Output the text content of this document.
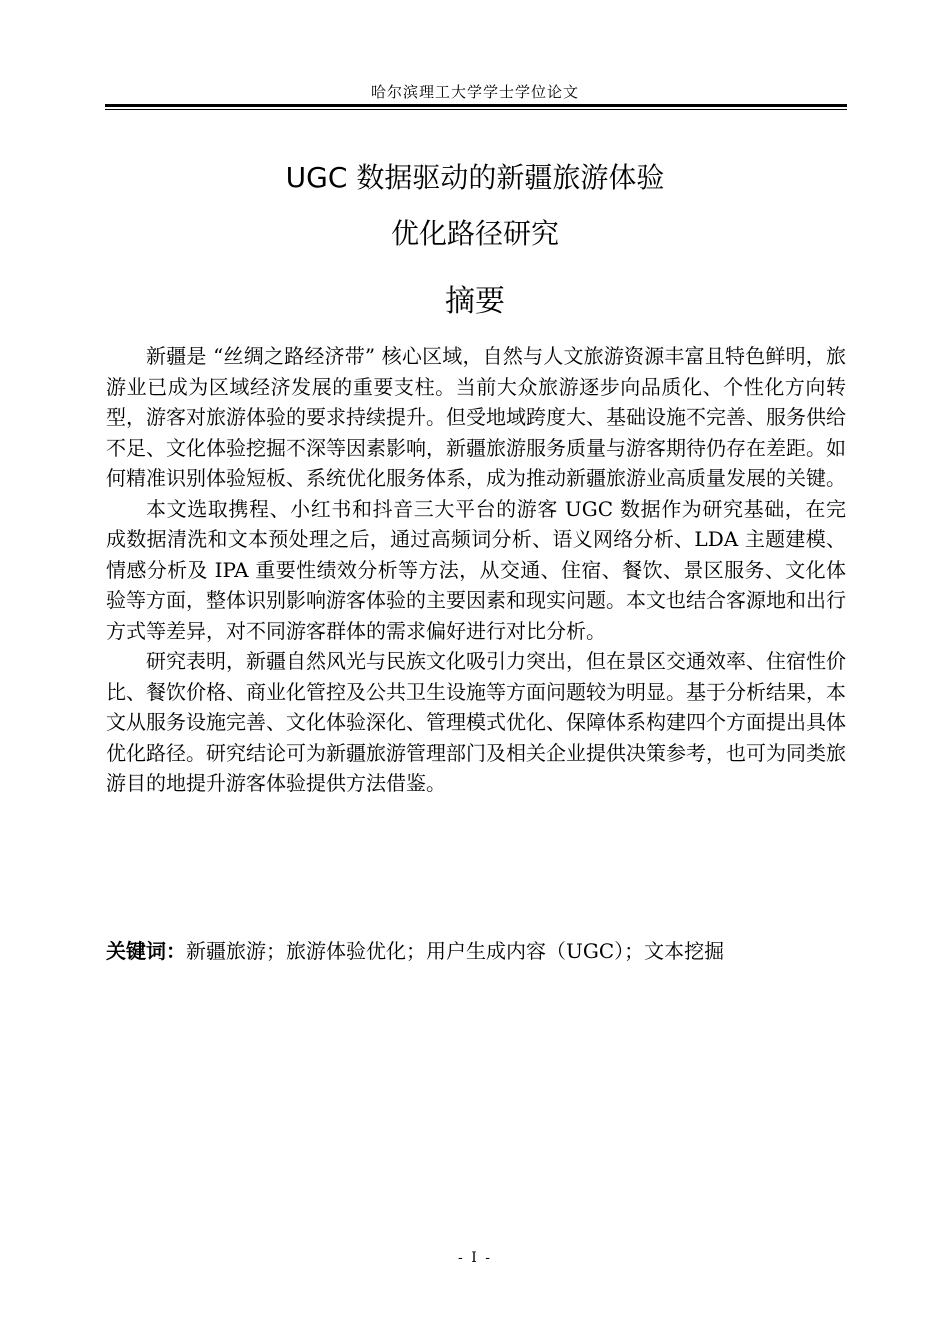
哈尔滨理工大学学士学位论文
UGC 数据驱动的新疆旅游体验
优化路径研究
摘要

新疆是 “丝绸之路经济带” 核心区域，自然与人文旅游资源丰富且特色鲜明，旅游业已成为区域经济发展的重要支柱。当前大众旅游逐步向品质化、个性化方向转型，游客对旅游体验的要求持续提升。但受地域跨度大、基础设施不完善、服务供给不足、文化体验挖掘不深等因素影响，新疆旅游服务质量与游客期待仍存在差距。如何精准识别体验短板、系统优化服务体系，成为推动新疆旅游业高质量发展的关键。

本文选取携程、小红书和抖音三大平台的游客 UGC 数据作为研究基础，在完成数据清洗和文本预处理之后，通过高频词分析、语义网络分析、LDA 主题建模、情感分析及 IPA 重要性绩效分析等方法，从交通、住宿、餐饮、景区服务、文化体验等方面，整体识别影响游客体验的主要因素和现实问题。本文也结合客源地和出行方式等差异，对不同游客群体的需求偏好进行对比分析。

研究表明，新疆自然风光与民族文化吸引力突出，但在景区交通效率、住宿性价比、餐饮价格、商业化管控及公共卫生设施等方面问题较为明显。基于分析结果，本文从服务设施完善、文化体验深化、管理模式优化、保障体系构建四个方面提出具体优化路径。研究结论可为新疆旅游管理部门及相关企业提供决策参考，也可为同类旅游目的地提升游客体验提供方法借鉴。

关键词：新疆旅游；旅游体验优化；用户生成内容（UGC）；文本挖掘
- I -
